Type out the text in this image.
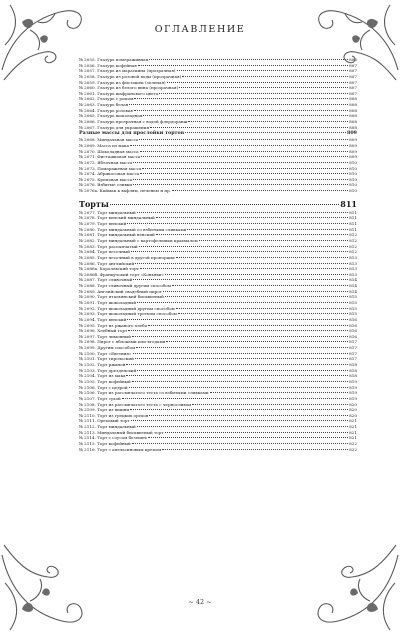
ОГЛАВЛЕНИЕ
№ 2055. Глазурь помераживная	806
№ 2056. Глазурь кофейная	807
№ 2057. Глазурь из мараскина (прозрачная)	807
№ 2058. Глазурь из розовой воды (прозрачная)	807
№ 2059. Глазурь из фисташек (зеленая)	807
№ 2060. Глазурь из белого вина (прозрачная)	807
№ 2061. Глазурь шафранового цвета	807
№ 2062. Глазурь с ромом	808
№ 2063. Глазурь белая	808
№ 2064. Глазурь розовая	808
№ 2065. Глазурь шоколадная	808
№ 2066. Глазурь прозрачная с водой флердоранж	808
№ 2067. Глазурь для украшения	808
Разные массы для прослойки тортов	809
№ 2068. Миндальная масса	809
№ 2069. Масса из мака	809
№ 2070. Шоколадная масса	809
№ 2071. Фисташковая масса	809
№ 2072. Яблочная масса	810
№ 2073. Помаражевая масса	810
№ 2074. Абрикосовая масса	810
№ 2075. Кремовая масса	810
№ 2076. Взбитые сливки	810
№ 2076а. Каймак к вафлям, печенью и пр.	810
Торты	811
№ 2077. Торт миндальный	811
№ 2078. Торт венский миндальный	811
№ 2079. Торт венский	811
№ 2080. Торт миндальный со взбитыми сливками	811
№ 2081. Торт миндальный венский	812
№ 2082. Торт миндальный с картофельным крахмалом	812
№ 2083. Торт рассыпчатый	812
№ 2084. Торт песочный	812
№ 2085. Торт песочный в другой пропорции	813
№ 2086. Торт английский	813
№ 2086а. Королевский торт	813
№ 2086б. Французский торт «Коньяки»	813
№ 2087. Торт сливочный	814
№ 2088. Торт сливочный другим способом	814
№ 2089. Английский свадебный пирог	814
№ 2090. Торт итальянский бисквитный	815
№ 2091. Торт шоколадный	815
№ 2092. Торт шоколадный другим способом	815
№ 2093. Торт шоколадный третьим способом	815
№ 2094. Торт венский	816
№ 2095. Торт из ржаного хлеба	816
№ 2096. Хлебный торт	816
№ 2097. Торт лимонный	816
№ 2098. Пирог с яблоками или ягодами	817
№ 2099. Другим способом	817
№ 2100. Торт «Евгения»	817
№ 2101. Торт тирольский	817
№ 2102. Торт ржаной	818
№ 2103. Торт дрезденский	818
№ 2104. Торт из мака	818
№ 2105. Торт кофейный	819
№ 2106. Торт с цедрой	819
№ 2106. Торт из рассыпчатого теста со взбитыми сливками	819
№ 2107. Торт сухой	819
№ 2108. Торт из рассыпчатого теста с черносливом	820
№ 2109. Торт из вишни	820
№ 2110. Торт из грецких орехов	820
№ 2111. Ореховый торт	821
№ 2112. Торт миндальный	821
№ 2113. Миндальный бисквитный торт	821
№ 2114. Торт с соусом безешев	821
№ 2115. Торт кофейный	822
№ 2116. Торт с апельсиновым кремом	822
~ 42 ~
